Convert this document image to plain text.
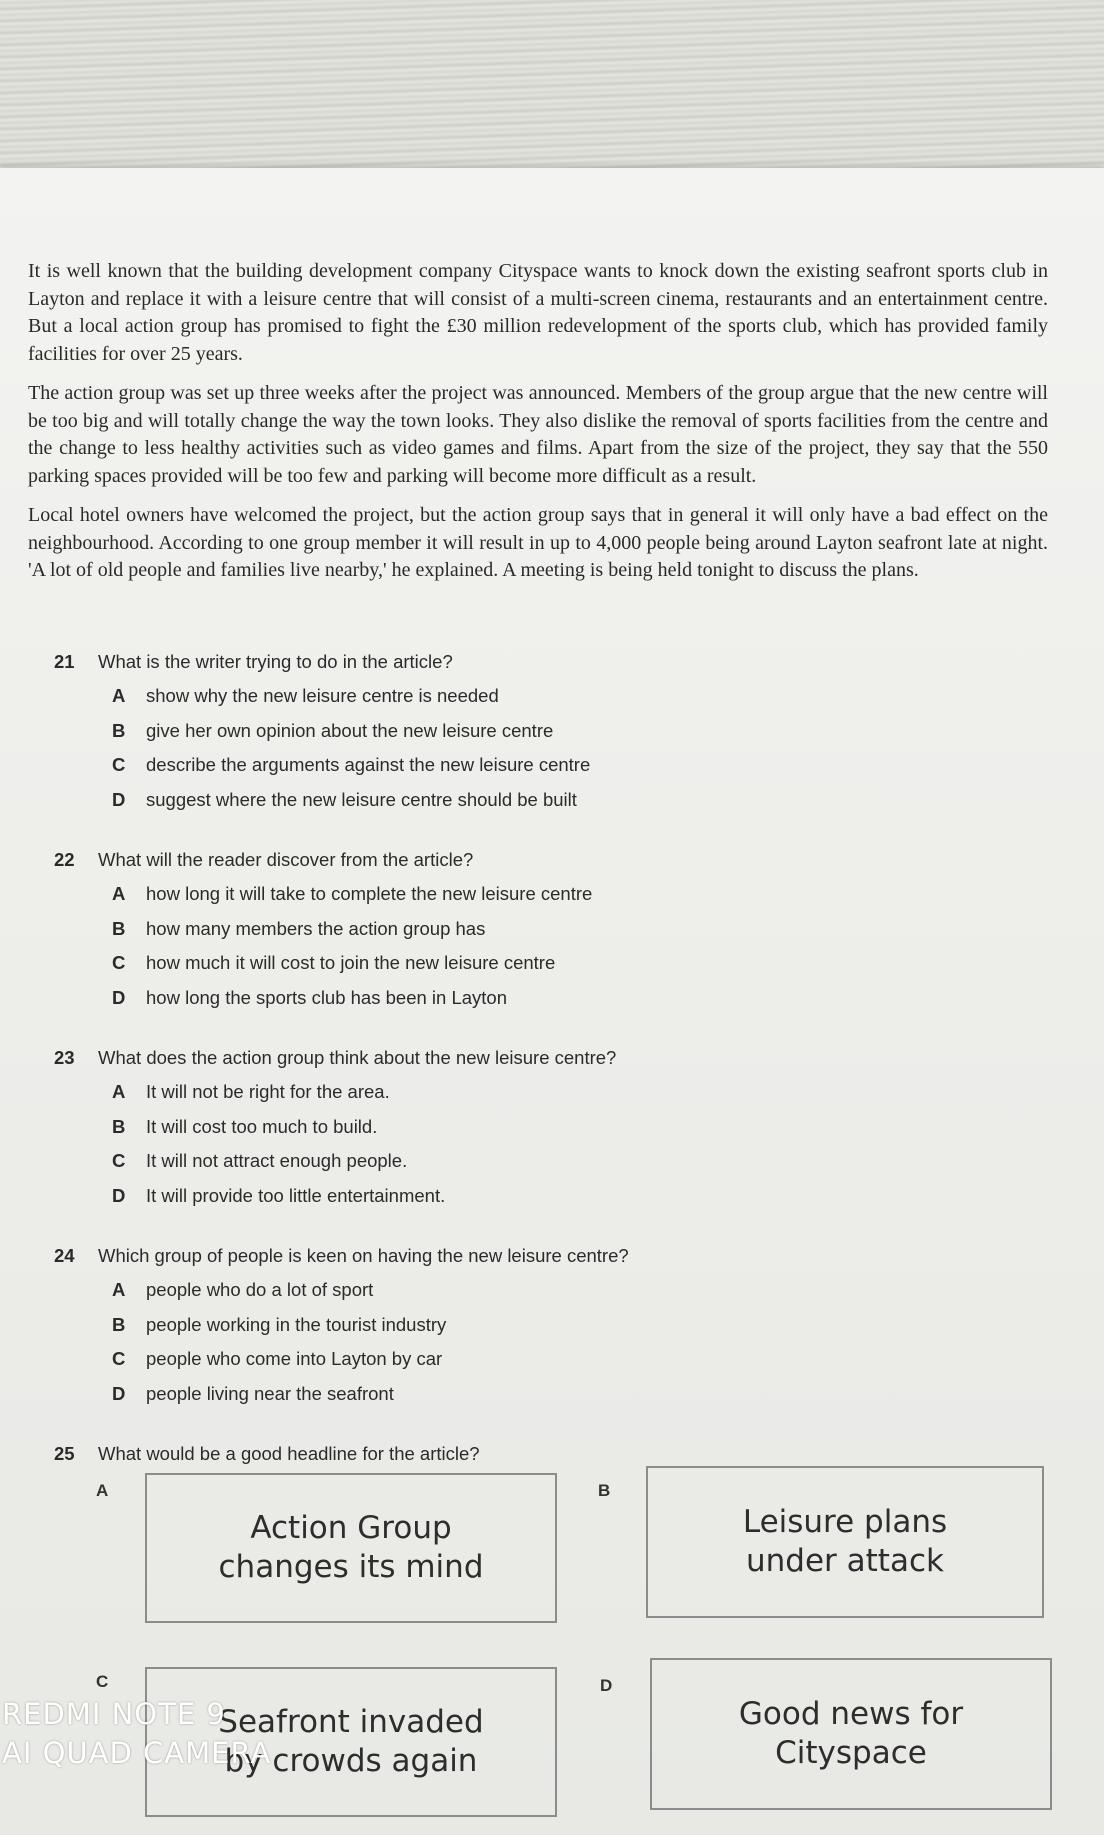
It is well known that the building development company Cityspace wants to knock down the existing seafront sports club in Layton and replace it with a leisure centre that will consist of a multi-screen cinema, restaurants and an entertainment centre. But a local action group has promised to fight the £30 million redevelopment of the sports club, which has provided family facilities for over 25 years.

The action group was set up three weeks after the project was announced. Members of the group argue that the new centre will be too big and will totally change the way the town looks. They also dislike the removal of sports facilities from the centre and the change to less healthy activities such as video games and films. Apart from the size of the project, they say that the 550 parking spaces provided will be too few and parking will become more difficult as a result.

Local hotel owners have welcomed the project, but the action group says that in general it will only have a bad effect on the neighbourhood. According to one group member it will result in up to 4,000 people being around Layton seafront late at night. 'A lot of old people and families live nearby,' he explained. A meeting is being held tonight to discuss the plans.

21 What is the writer trying to do in the article?
A show why the new leisure centre is needed
B give her own opinion about the new leisure centre
C describe the arguments against the new leisure centre
D suggest where the new leisure centre should be built
22 What will the reader discover from the article?
A how long it will take to complete the new leisure centre
B how many members the action group has
C how much it will cost to join the new leisure centre
D how long the sports club has been in Layton
23 What does the action group think about the new leisure centre?
A It will not be right for the area.
B It will cost too much to build.
C It will not attract enough people.
D It will provide too little entertainment.
24 Which group of people is keen on having the new leisure centre?
A people who do a lot of sport
B people working in the tourist industry
C people who come into Layton by car
D people living near the seafront
25 What would be a good headline for the article?
A
Action Group
changes its mind
B
Leisure plans
under attack
C
Seafront invaded
by crowds again
D
Good news for
Cityspace
REDMI NOTE 9
AI QUAD CAMERA
